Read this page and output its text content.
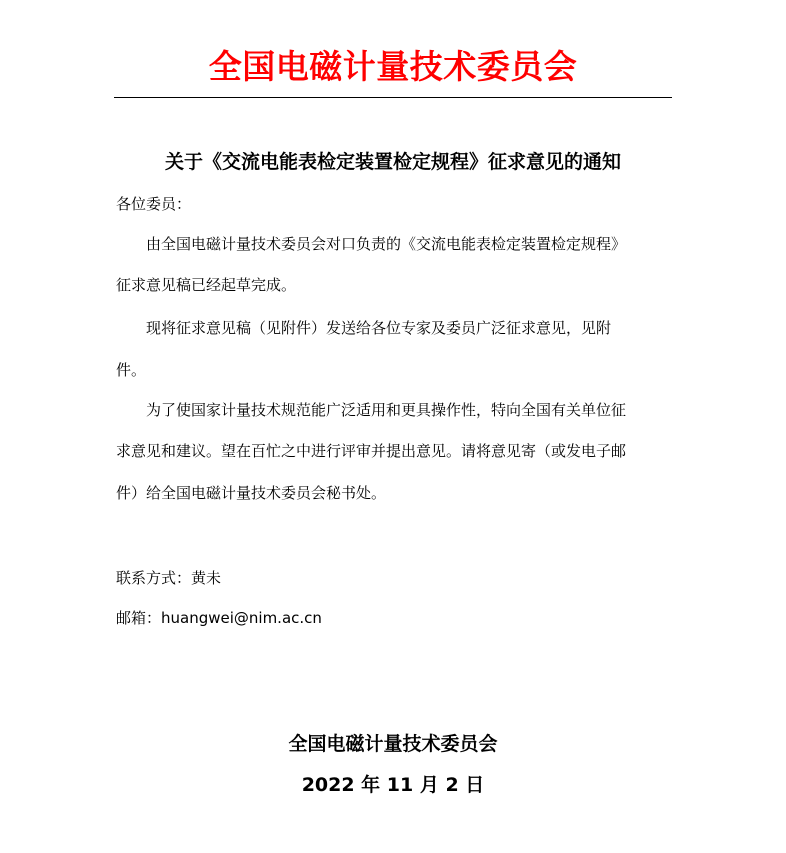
全国电磁计量技术委员会
关于《交流电能表检定装置检定规程》征求意见的通知
各位委员：
由全国电磁计量技术委员会对口负责的《交流电能表检定装置检定规程》
征求意见稿已经起草完成。
现将征求意见稿（见附件）发送给各位专家及委员广泛征求意见，见附
件。
为了使国家计量技术规范能广泛适用和更具操作性，特向全国有关单位征
求意见和建议。望在百忙之中进行评审并提出意见。请将意见寄（或发电子邮
件）给全国电磁计量技术委员会秘书处。
联系方式：黄未
邮箱：huangwei@nim.ac.cn
全国电磁计量技术委员会
2022 年 11 月 2 日
